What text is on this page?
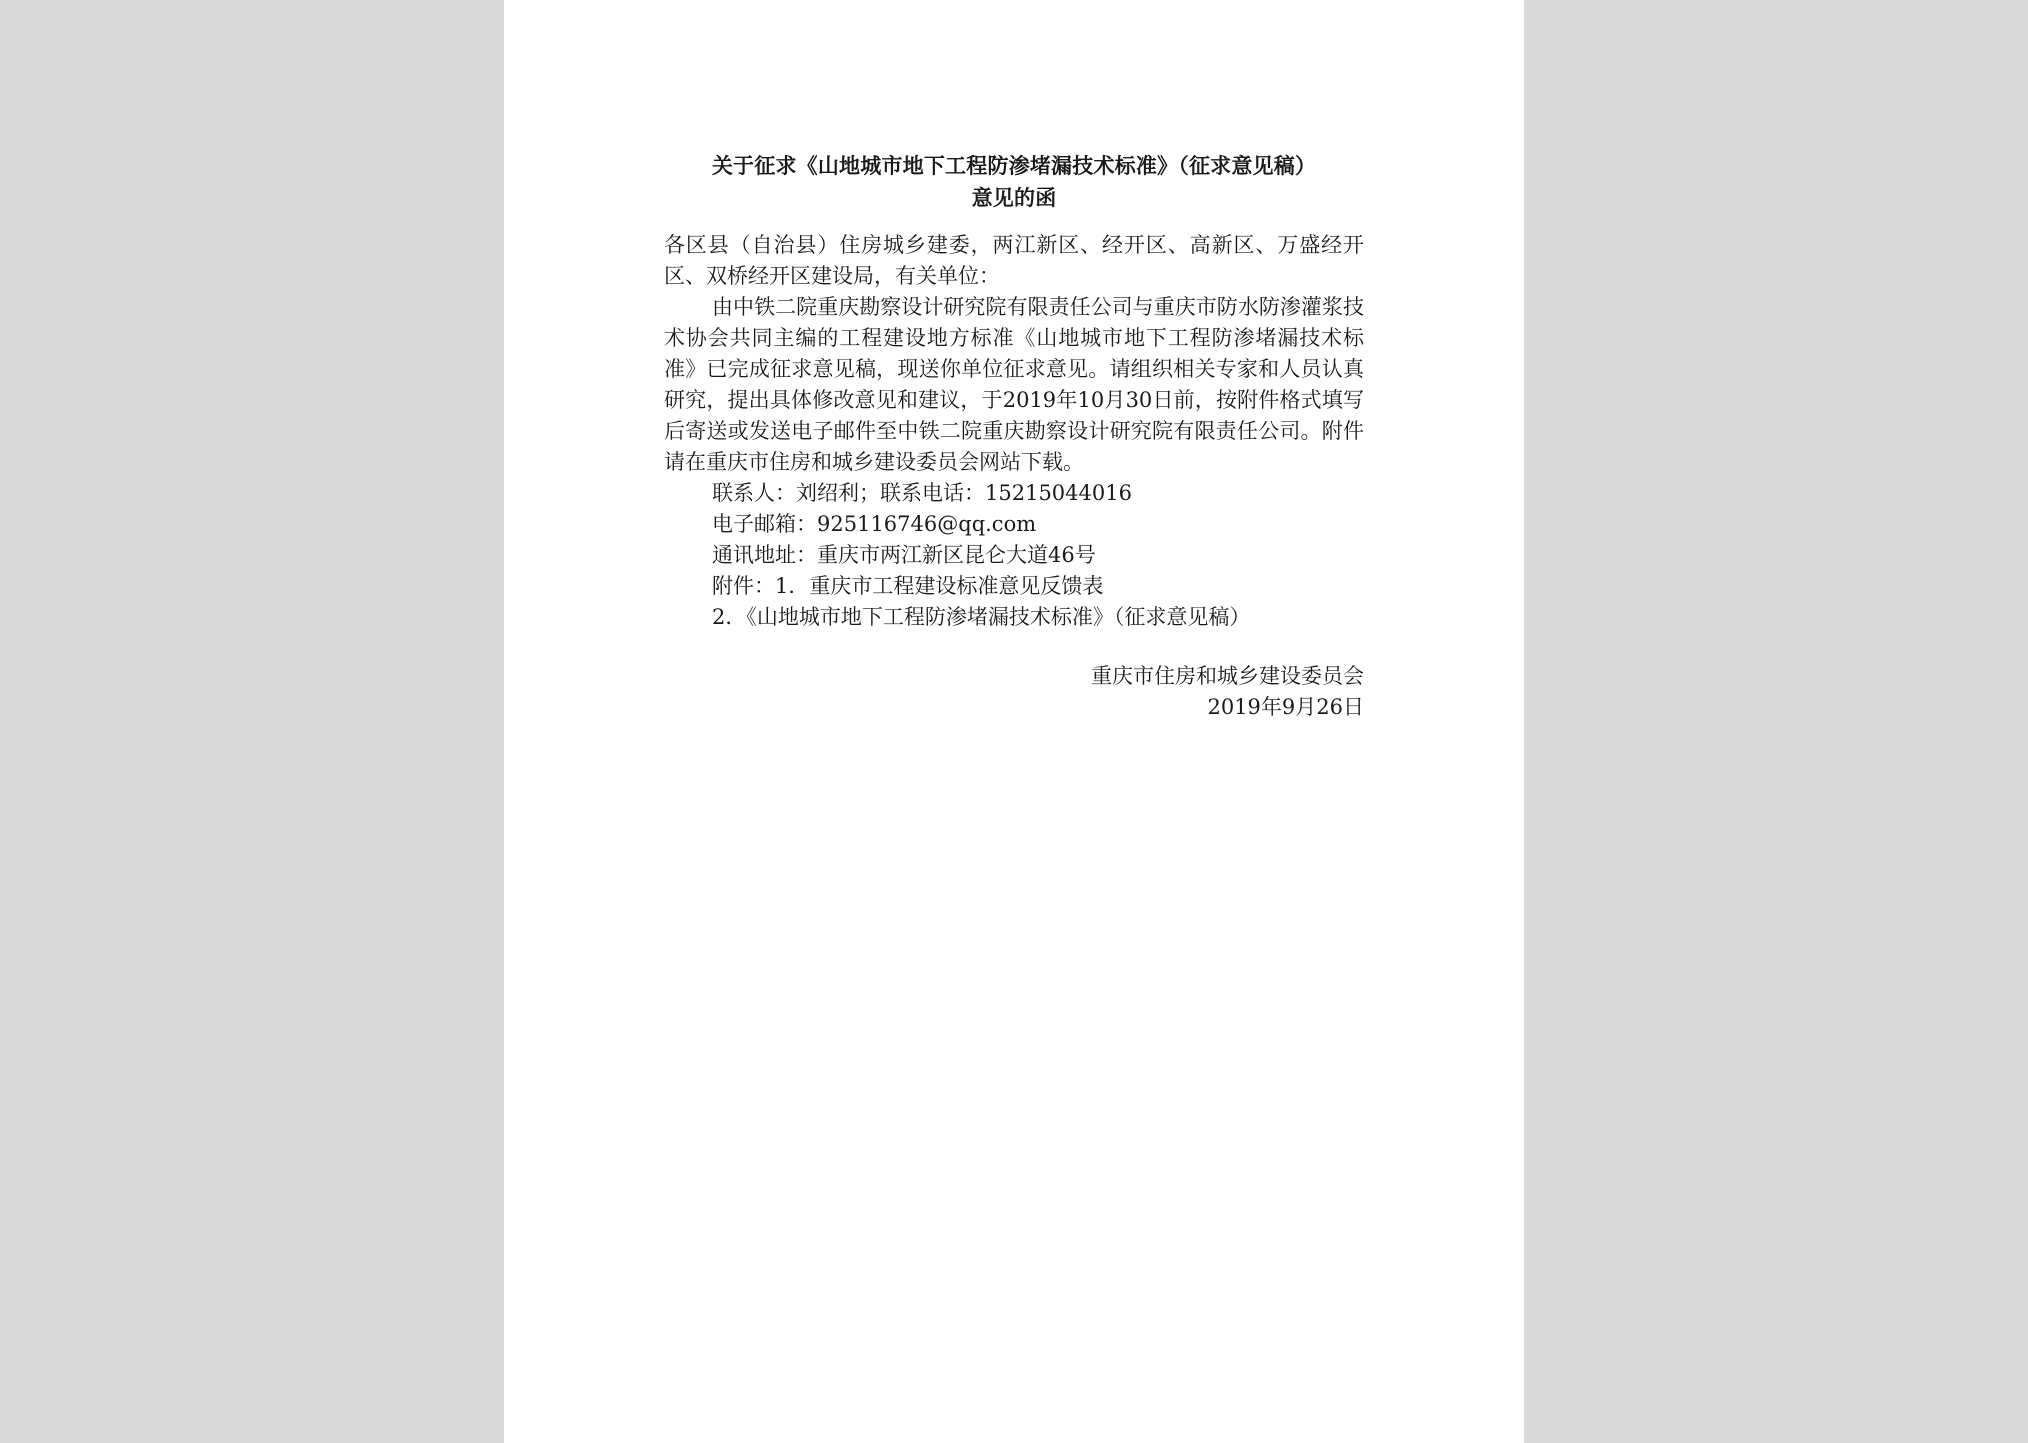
关于征求《山地城市地下工程防渗堵漏技术标准》（征求意见稿）
意见的函

各区县（自治县）住房城乡建委，两江新区、经开区、高新区、万盛经开区、双桥经开区建设局，有关单位：

由中铁二院重庆勘察设计研究院有限责任公司与重庆市防水防渗灌浆技术协会共同主编的工程建设地方标准《山地城市地下工程防渗堵漏技术标准》已完成征求意见稿，现送你单位征求意见。请组织相关专家和人员认真研究，提出具体修改意见和建议，于2019年10月30日前，按附件格式填写后寄送或发送电子邮件至中铁二院重庆勘察设计研究院有限责任公司。附件请在重庆市住房和城乡建设委员会网站下载。

联系人：刘绍利；联系电话：15215044016

电子邮箱：925116746@qq.com

通讯地址：重庆市两江新区昆仑大道46号

附件：1．重庆市工程建设标准意见反馈表

2．《山地城市地下工程防渗堵漏技术标准》（征求意见稿）

重庆市住房和城乡建设委员会
2019年9月26日
